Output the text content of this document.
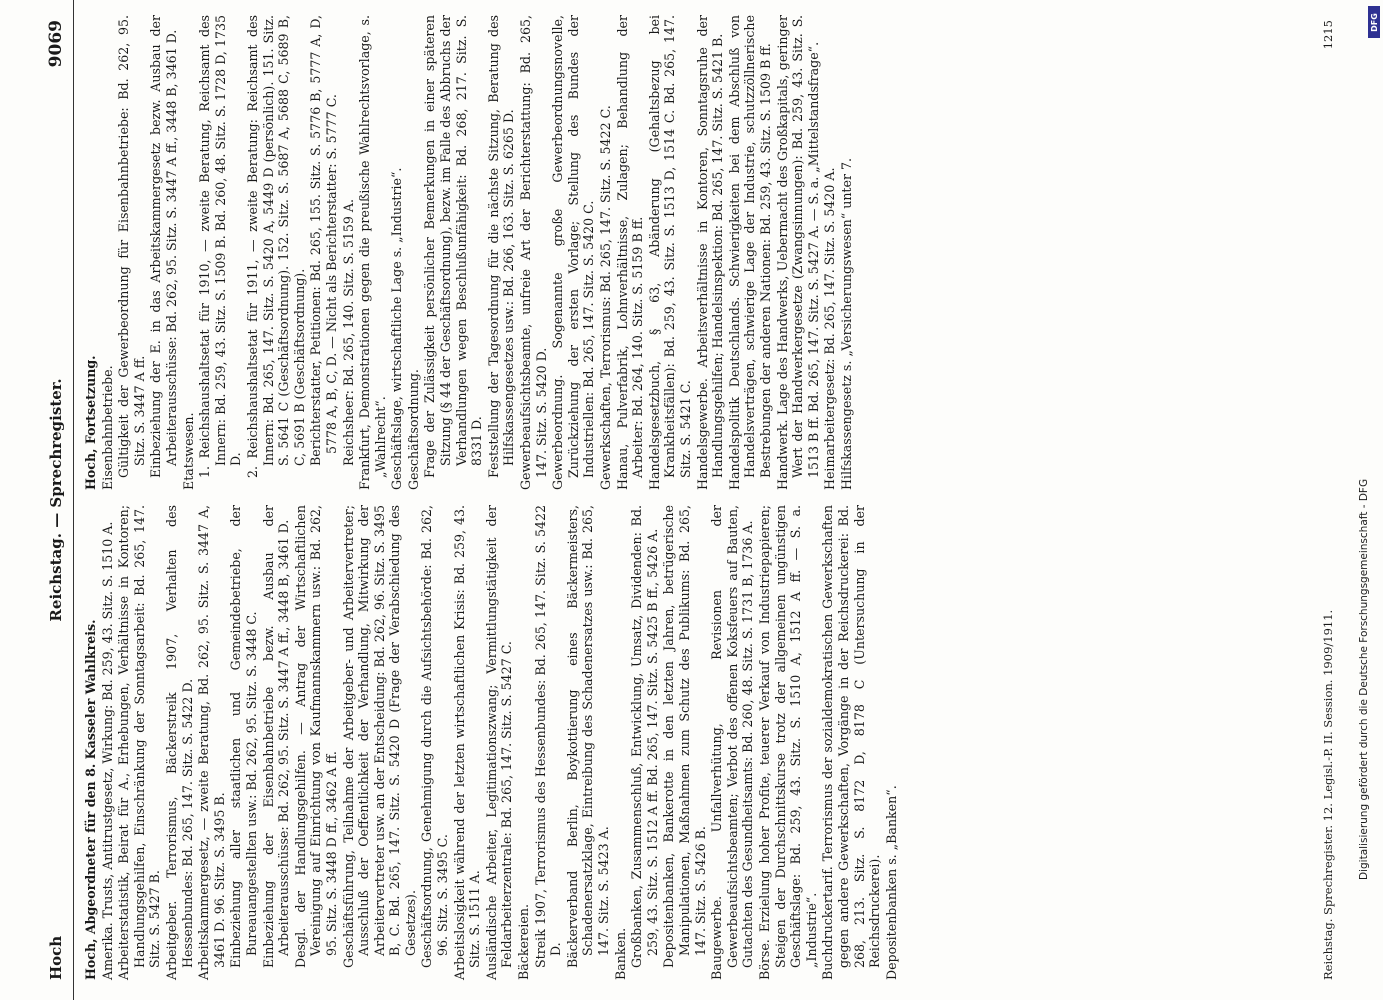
Hoch
Reichstag. — Sprechregister.
9069

Hoch, Abgeordneter für den 8. Kasseler Wahlkreis. Amerika. Trusts, Antitrustgesetz, Wirkung: Bd. 259, 43. Sitz. S. 1510 A. Arbeiterstatistik, Beirat für A., Erhebungen, Verhältnisse in Kontoren; Handlungsgehilfen, Einschränkung der Sonntagsarbeit: Bd. 265, 147. Sitz. S. 5427 B. Arbeitgeber. Terrorismus, Bäckerstreik 1907, Verhalten des Hessenbundes: Bd. 265, 147. Sitz. S. 5422 D. Arbeitskammergesetz, — zweite Beratung, Bd. 262, 95. Sitz. S. 3447 A, 3461 D. 96. Sitz. S. 3495 B. Einbeziehung aller staatlichen und Gemeindebetriebe, der Bureauangestellten usw.: Bd. 262, 95. Sitz. S. 3448 C. Einbeziehung der Eisenbahnbetriebe bezw. Ausbau der Arbeiterausschüsse: Bd. 262, 95. Sitz. S. 3447 A ff., 3448 B, 3461 D. Desgl. der Handlungsgehilfen. — Antrag der Wirtschaftlichen Vereinigung auf Einrichtung von Kaufmannskammern usw.: Bd. 262, 95. Sitz. S. 3448 D ff., 3462 A ff. Geschäftsführung, Teilnahme der Arbeitgeber- und Arbeitervertreter; Ausschluß der Oeffentlichkeit der Verhandlung, Mitwirkung der Arbeitervertreter usw. an der Entscheidung: Bd. 262, 96. Sitz. S. 3495 B, C. Bd. 265, 147. Sitz. S. 5420 D (Frage der Verabschiedung des Gesetzes). Geschäftsordnung, Genehmigung durch die Aufsichtsbehörde: Bd. 262, 96. Sitz. S. 3495 C. Arbeitslosigkeit während der letzten wirtschaftlichen Krisis: Bd. 259, 43. Sitz. S. 1511 A. Ausländische Arbeiter, Legitimationszwang; Vermittlungstätigkeit der Feldarbeiterzentrale: Bd. 265, 147. Sitz. S. 5427 C. Bäckereien. Streik 1907, Terrorismus des Hessenbundes: Bd. 265, 147. Sitz. S. 5422 D. Bäckerverband Berlin, Boykottierung eines Bäckermeisters, Schadenersatzklage, Eintreibung des Schadenersatzes usw.: Bd. 265, 147. Sitz. S. 5423 A. Banken. Großbanken, Zusammenschluß, Entwicklung, Umsatz, Dividenden: Bd. 259, 43. Sitz. S. 1512 A ff. Bd. 265, 147. Sitz. S. 5425 B ff., 5426 A. Depositenbanken, Bankerotte in den letzten Jahren, betrügerische Manipulationen, Maßnahmen zum Schutz des Publikums: Bd. 265, 147. Sitz. S. 5426 B. Baugewerbe. Unfallverhütung, Revisionen der Gewerbeaufsichtsbeamten; Verbot des offenen Koksfeuers auf Bauten, Gutachten des Gesundheitsamts: Bd. 260, 48. Sitz. S. 1731 B, 1736 A. Börse. Erzielung hoher Profite, teuerer Verkauf von Industriepapieren; Steigen der Durchschnittskurse trotz der allgemeinen ungünstigen Geschäftslage: Bd. 259, 43. Sitz. S. 1510 A, 1512 A ff. — S. a. „Industrie“. Buchdruckertarif. Terrorismus der sozialdemokratischen Gewerkschaften gegen andere Gewerkschaften, Vorgänge in der Reichsdruckerei: Bd. 268, 213. Sitz. S. 8172 D, 8178 C (Untersuchung in der Reichsdruckerei). Depositenbanken s. „Banken“.

Hoch, Fortsetzung. Eisenbahnbetriebe. Gültigkeit der Gewerbeordnung für Eisenbahnbetriebe: Bd. 262, 95. Sitz. S. 3447 A ff. Einbeziehung der E. in das Arbeitskammergesetz bezw. Ausbau der Arbeiterausschüsse: Bd. 262, 95. Sitz. S. 3447 A ff., 3448 B, 3461 D. Etatswesen. 1. Reichshaushaltsetat für 1910, — zweite Beratung, Reichsamt des Innern: Bd. 259, 43. Sitz. S. 1509 B. Bd. 260, 48. Sitz. S. 1728 D, 1735 D. 2. Reichshaushaltsetat für 1911, — zweite Beratung: Reichsamt des Innern: Bd. 265, 147. Sitz. S. 5420 A, 5449 D (persönlich). 151. Sitz. S. 5641 C (Geschäftsordnung). 152. Sitz. S. 5687 A, 5688 C, 5689 B, C, 5691 B (Geschäftsordnung). Berichterstatter, Petitionen: Bd. 265, 155. Sitz. S. 5776 B, 5777 A, D, 5778 A, B, C, D. — Nicht als Berichterstatter: S. 5777 C. Reichsheer: Bd. 265, 140. Sitz. S. 5159 A. Frankfurt, Demonstrationen gegen die preußische Wahlrechtsvorlage, s. „Wahlrecht“. Geschäftslage, wirtschaftliche Lage s. „Industrie“. Geschäftsordnung. Frage der Zulässigkeit persönlicher Bemerkungen in einer späteren Sitzung (§ 44 der Geschäftsordnung), bezw. im Falle des Abbruchs der Verhandlungen wegen Beschlußunfähigkeit: Bd. 268, 217. Sitz. S. 8331 D. Feststellung der Tagesordnung für die nächste Sitzung, Beratung des Hilfskassengesetzes usw.: Bd. 266, 163. Sitz. S. 6265 D. Gewerbeaufsichtsbeamte, unfreie Art der Berichterstattung: Bd. 265, 147. Sitz. S. 5420 D. Gewerbeordnung. Sogenannte große Gewerbeordnungsnovelle, Zurückziehung der ersten Vorlage; Stellung des Bundes der Industriellen: Bd. 265, 147. Sitz. S. 5420 C. Gewerkschaften, Terrorismus: Bd. 265, 147. Sitz. S. 5422 C. Hanau, Pulverfabrik, Lohnverhältnisse, Zulagen; Behandlung der Arbeiter: Bd. 264, 140. Sitz. S. 5159 B ff. Handelsgesetzbuch, § 63, Abänderung (Gehaltsbezug bei Krankheitsfällen): Bd. 259, 43. Sitz. S. 1513 D, 1514 C. Bd. 265, 147. Sitz. S. 5421 C. Handelsgewerbe. Arbeitsverhältnisse in Kontoren, Sonntagsruhe der Handlungsgehilfen; Handelsinspektion: Bd. 265, 147. Sitz. S. 5421 B. Handelspolitik Deutschlands. Schwierigkeiten bei dem Abschluß von Handelsverträgen, schwierige Lage der Industrie, schutzzöllnerische Bestrebungen der anderen Nationen: Bd. 259, 43. Sitz. S. 1509 B ff. Handwerk. Lage des Handwerks, Uebermacht des Großkapitals, geringer Wert der Handwerkergesetze (Zwangsinnungen): Bd. 259, 43. Sitz. S. 1513 B ff. Bd. 265, 147. Sitz. S. 5427 A. — S. a. „Mittelstandsfrage“. Heimarbeitergesetz: Bd. 265, 147. Sitz. S. 5420 A. Hilfskassengesetz s. „Versicherungswesen“ unter 7.

Reichstag. Sprechregister. 12. Legisl.-P. II. Session. 1909/1911.
1215
Digitalisierung gefördert durch die Deutsche Forschungsgemeinschaft - DFG
DFG
